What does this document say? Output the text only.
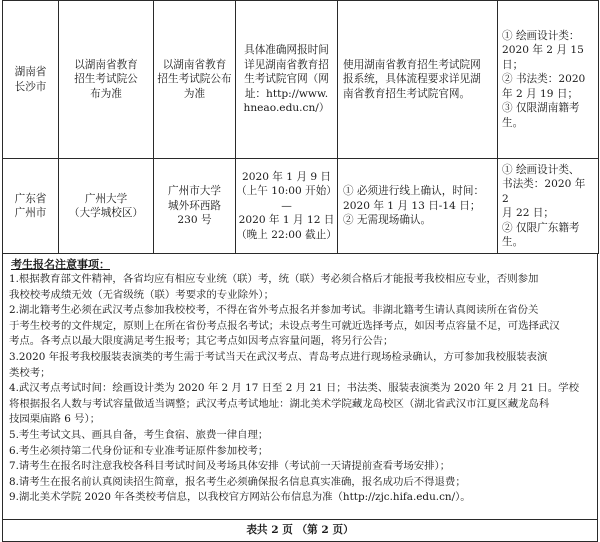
湖南省
长沙市	以湖南省教育
招生考试院公
布为准	以湖南省教育
招生考试院公布为准	具体准确网报时间
详见湖南省教育招
生考试院官网（网
址：http://www.
hneao.edu.cn/）	使用湖南省教育招生考试院网
报系统，具体流程要求详见湖
南省教育招生考试院官网。	① 绘画设计类：
2020 年 2 月 15 日；
② 书法类：2020
年 2 月 19 日；
③ 仅限湖南籍考生。

广东省
广州市	广州大学
（大学城校区）	广州市大学
城外环西路
230 号	2020 年 1 月 9 日
（上午 10:00 开始）
—
2020 年 1 月 12 日
（晚上 22:00 截止）	① 必须进行线上确认，时间：
2020 年 1 月 13 日-14 日；
② 无需现场确认。	① 绘画设计类、
书法类：2020 年 2
月 22 日；
② 仅限广东籍考
生。
考生报名注意事项：

1.根据教育部文件精神，各省均应有相应专业统（联）考，统（联）考必须合格后才能报考我校相应专业，否则参加

我校校考成绩无效（无省级统（联）考要求的专业除外）；

2.湖北籍考生必须在武汉考点参加我校校考，不得在省外考点报名并参加考试。非湖北籍考生请认真阅读所在省份关

于考生校考的文件规定，原则上在所在省份考点报名考试；未设点考生可就近选择考点，如因考点容量不足，可选择武汉

考点。各考点以最大限度满足考生报考；其它考点如因考点容量问题，将另行公告；

3.2020 年报考我校服装表演类的考生需于考试当天在武汉考点、青岛考点进行现场检录确认，方可参加我校服装表演

类校考；

4.武汉考点考试时间：绘画设计类为 2020 年 2 月 17 日至 2 月 21 日；书法类、服装表演类为 2020 年 2 月 21 日。学校

将根据报名人数与考试容量做适当调整；武汉考点考试地址：湖北美术学院藏龙岛校区（湖北省武汉市江夏区藏龙岛科

技园栗庙路 6 号）；

5.考生考试文具、画具自备，考生食宿、旅费一律自理；

6.考生必须持第二代身份证和专业准考证原件参加校考；

7.请考生在报名时注意我校各科目考试时间及考场具体安排（考试前一天请提前查看考场安排）；

8.请考生在报名前认真阅读招生简章，报名考生必须确保报名信息真实准确，报名成功后不得退费；

9.湖北美术学院 2020 年各类校考信息，以我校官方网站公布信息为准（http://zjc.hifa.edu.cn/）。

表共 2 页 （第 2 页）
